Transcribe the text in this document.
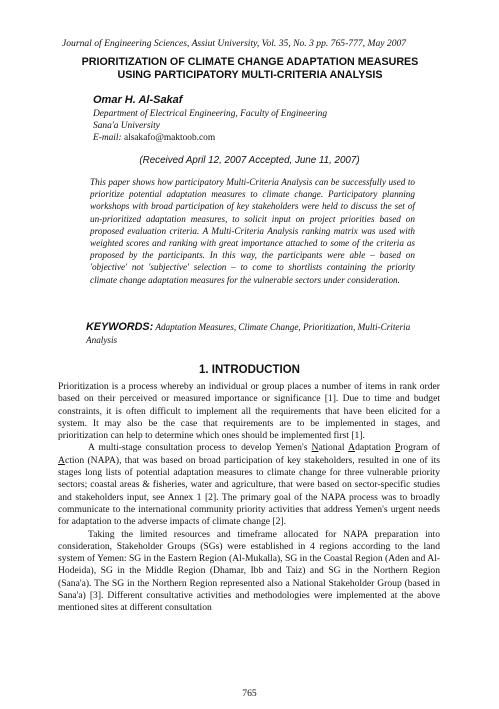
Journal of Engineering Sciences, Assiut University, Vol. 35, No. 3 pp. 765-777, May 2007
PRIORITIZATION OF CLIMATE CHANGE ADAPTATION MEASURES
USING PARTICIPATORY MULTI-CRITERIA ANALYSIS
Omar H. Al-Sakaf
Department of Electrical Engineering, Faculty of Engineering
Sana'a University
E-mail: alsakafo@maktoob.com
(Received April 12, 2007 Accepted, June 11, 2007)
This paper shows how participatory Multi-Criteria Analysis can be successfully used to prioritize potential adaptation measures to climate change. Participatory planning workshops with broad participation of key stakeholders were held to discuss the set of un-prioritized adaptation measures, to solicit input on project priorities based on proposed evaluation criteria. A Multi-Criteria Analysis ranking matrix was used with weighted scores and ranking with great importance attached to some of the criteria as proposed by the participants. In this way, the participants were able – based on 'objective' not 'subjective' selection – to come to shortlists containing the priority climate change adaptation measures for the vulnerable sectors under consideration.
KEYWORDS: Adaptation Measures, Climate Change, Prioritization, Multi-Criteria Analysis
1. INTRODUCTION

Prioritization is a process whereby an individual or group places a number of items in rank order based on their perceived or measured importance or significance [1]. Due to time and budget constraints, it is often difficult to implement all the requirements that have been elicited for a system. It may also be the case that requirements are to be implemented in stages, and prioritization can help to determine which ones should be implemented first [1].

A multi-stage consultation process to develop Yemen's National Adaptation Program of Action (NAPA), that was based on broad participation of key stakeholders, resulted in one of its stages long lists of potential adaptation measures to climate change for three vulnerable priority sectors; coastal areas & fisheries, water and agriculture, that were based on sector-specific studies and stakeholders input, see Annex 1 [2]. The primary goal of the NAPA process was to broadly communicate to the international community priority activities that address Yemen's urgent needs for adaptation to the adverse impacts of climate change [2].

Taking the limited resources and timeframe allocated for NAPA preparation into consideration, Stakeholder Groups (SGs) were established in 4 regions according to the land system of Yemen: SG in the Eastern Region (Al-Mukalla), SG in the Coastal Region (Aden and Al-Hodeida), SG in the Middle Region (Dhamar, Ibb and Taiz) and SG in the Northern Region (Sana'a). The SG in the Northern Region represented also a National Stakeholder Group (based in Sana'a) [3]. Different consultative activities and methodologies were implemented at the above mentioned sites at different consultation

765
